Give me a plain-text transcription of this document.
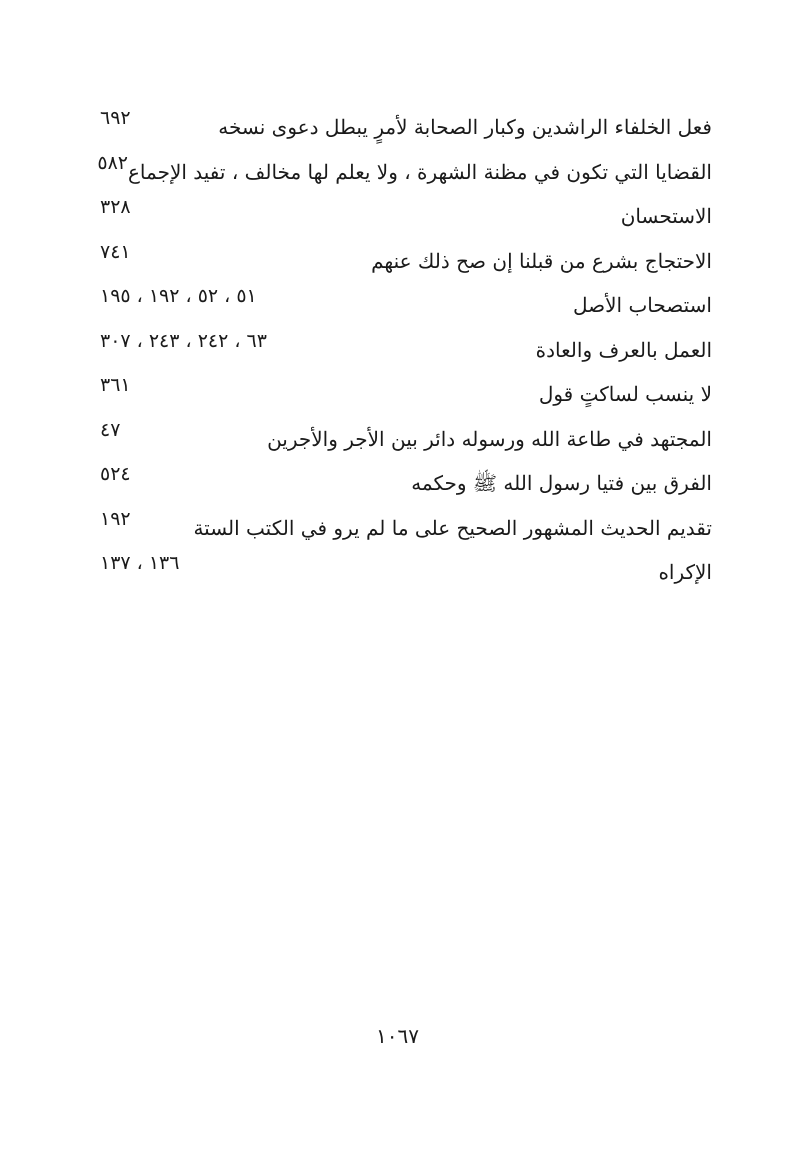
فعل الخلفاء الراشدين وكبار الصحابة لأمرٍ يبطل دعوى نسخه
٦٩٢
القضايا التي تكون في مظنة الشهرة ، ولا يعلم لها مخالف ، تفيد الإجماع
٥٨٢
الاستحسان
٣٢٨
الاحتجاج بشرع من قبلنا إن صح ذلك عنهم
٧٤١
استصحاب الأصل
٥١ ، ٥٢ ، ١٩٢ ، ١٩٥
العمل بالعرف والعادة
٦٣ ، ٢٤٢ ، ٢٤٣ ، ٣٠٧
لا ينسب لساكتٍ قول
٣٦١
المجتهد في طاعة الله ورسوله دائر بين الأجر والأجرين
٤٧
الفرق بين فتيا رسول الله ﷺ وحكمه
٥٢٤
تقديم الحديث المشهور الصحيح على ما لم يرو في الكتب الستة
١٩٢
الإكراه
١٣٦ ، ١٣٧
١٠٦٧
